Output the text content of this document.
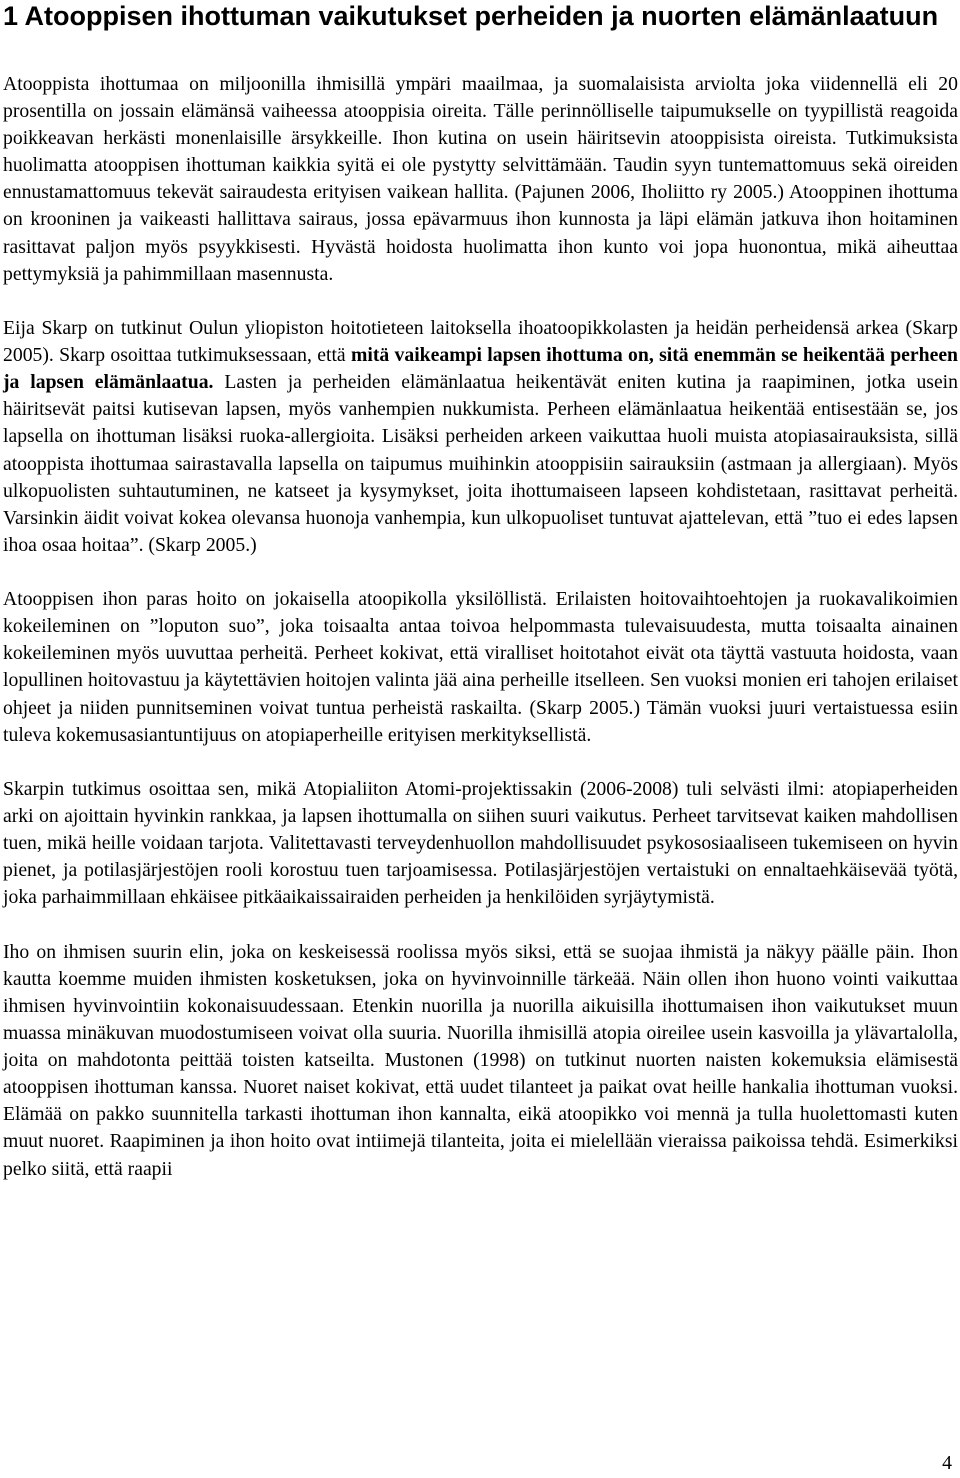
1 Atooppisen ihottuman vaikutukset perheiden ja nuorten elämänlaatuun

Atooppista ihottumaa on miljoonilla ihmisillä ympäri maailmaa, ja suomalaisista arviolta joka viidennellä eli 20 prosentilla on jossain elämänsä vaiheessa atooppisia oireita. Tälle perinnölliselle taipumukselle on tyypillistä reagoida poikkeavan herkästi monenlaisille ärsykkeille. Ihon kutina on usein häiritsevin atooppisista oireista. Tutkimuksista huolimatta atooppisen ihottuman kaikkia syitä ei ole pystytty selvittämään. Taudin syyn tuntemattomuus sekä oireiden ennustamattomuus tekevät sairaudesta erityisen vaikean hallita. (Pajunen 2006, Iholiitto ry 2005.) Atooppinen ihottuma on krooninen ja vaikeasti hallittava sairaus, jossa epävarmuus ihon kunnosta ja läpi elämän jatkuva ihon hoitaminen rasittavat paljon myös psyykkisesti. Hyvästä hoidosta huolimatta ihon kunto voi jopa huonontua, mikä aiheuttaa pettymyksiä ja pahimmillaan masennusta.

Eija Skarp on tutkinut Oulun yliopiston hoitotieteen laitoksella ihoatoopikkolasten ja heidän perheidensä arkea (Skarp 2005). Skarp osoittaa tutkimuksessaan, että mitä vaikeampi lapsen ihottuma on, sitä enemmän se heikentää perheen ja lapsen elämänlaatua. Lasten ja perheiden elämänlaatua heikentävät eniten kutina ja raapiminen, jotka usein häiritsevät paitsi kutisevan lapsen, myös vanhempien nukkumista. Perheen elämänlaatua heikentää entisestään se, jos lapsella on ihottuman lisäksi ruoka-allergioita. Lisäksi perheiden arkeen vaikuttaa huoli muista atopiasairauksista, sillä atooppista ihottumaa sairastavalla lapsella on taipumus muihinkin atooppisiin sairauksiin (astmaan ja allergiaan). Myös ulkopuolisten suhtautuminen, ne katseet ja kysymykset, joita ihottumaiseen lapseen kohdistetaan, rasittavat perheitä. Varsinkin äidit voivat kokea olevansa huonoja vanhempia, kun ulkopuoliset tuntuvat ajattelevan, että ”tuo ei edes lapsen ihoa osaa hoitaa”. (Skarp 2005.)

Atooppisen ihon paras hoito on jokaisella atoopikolla yksilöllistä. Erilaisten hoitovaihtoehtojen ja ruokavalikoimien kokeileminen on ”loputon suo”, joka toisaalta antaa toivoa helpommasta tulevaisuudesta, mutta toisaalta ainainen kokeileminen myös uuvuttaa perheitä. Perheet kokivat, että viralliset hoitotahot eivät ota täyttä vastuuta hoidosta, vaan lopullinen hoitovastuu ja käytettävien hoitojen valinta jää aina perheille itselleen. Sen vuoksi monien eri tahojen erilaiset ohjeet ja niiden punnitseminen voivat tuntua perheistä raskailta. (Skarp 2005.) Tämän vuoksi juuri vertaistuessa esiin tuleva kokemusasiantuntijuus on atopiaperheille erityisen merkityksellistä.

Skarpin tutkimus osoittaa sen, mikä Atopialiiton Atomi-projektissakin (2006-2008) tuli selvästi ilmi: atopiaperheiden arki on ajoittain hyvinkin rankkaa, ja lapsen ihottumalla on siihen suuri vaikutus. Perheet tarvitsevat kaiken mahdollisen tuen, mikä heille voidaan tarjota. Valitettavasti terveydenhuollon mahdollisuudet psykososiaaliseen tukemiseen on hyvin pienet, ja potilasjärjestöjen rooli korostuu tuen tarjoamisessa. Potilasjärjestöjen vertaistuki on ennaltaehkäisevää työtä, joka parhaimmillaan ehkäisee pitkäaikaissairaiden perheiden ja henkilöiden syrjäytymistä.

Iho on ihmisen suurin elin, joka on keskeisessä roolissa myös siksi, että se suojaa ihmistä ja näkyy päälle päin. Ihon kautta koemme muiden ihmisten kosketuksen, joka on hyvinvoinnille tärkeää. Näin ollen ihon huono vointi vaikuttaa ihmisen hyvinvointiin kokonaisuudessaan. Etenkin nuorilla ja nuorilla aikuisilla ihottumaisen ihon vaikutukset muun muassa minäkuvan muodostumiseen voivat olla suuria. Nuorilla ihmisillä atopia oireilee usein kasvoilla ja ylävartalolla, joita on mahdotonta peittää toisten katseilta. Mustonen (1998) on tutkinut nuorten naisten kokemuksia elämisestä atooppisen ihottuman kanssa. Nuoret naiset kokivat, että uudet tilanteet ja paikat ovat heille hankalia ihottuman vuoksi. Elämää on pakko suunnitella tarkasti ihottuman ihon kannalta, eikä atoopikko voi mennä ja tulla huolettomasti kuten muut nuoret. Raapiminen ja ihon hoito ovat intiimejä tilanteita, joita ei mielellään vieraissa paikoissa tehdä. Esimerkiksi pelko siitä, että raapii

4
